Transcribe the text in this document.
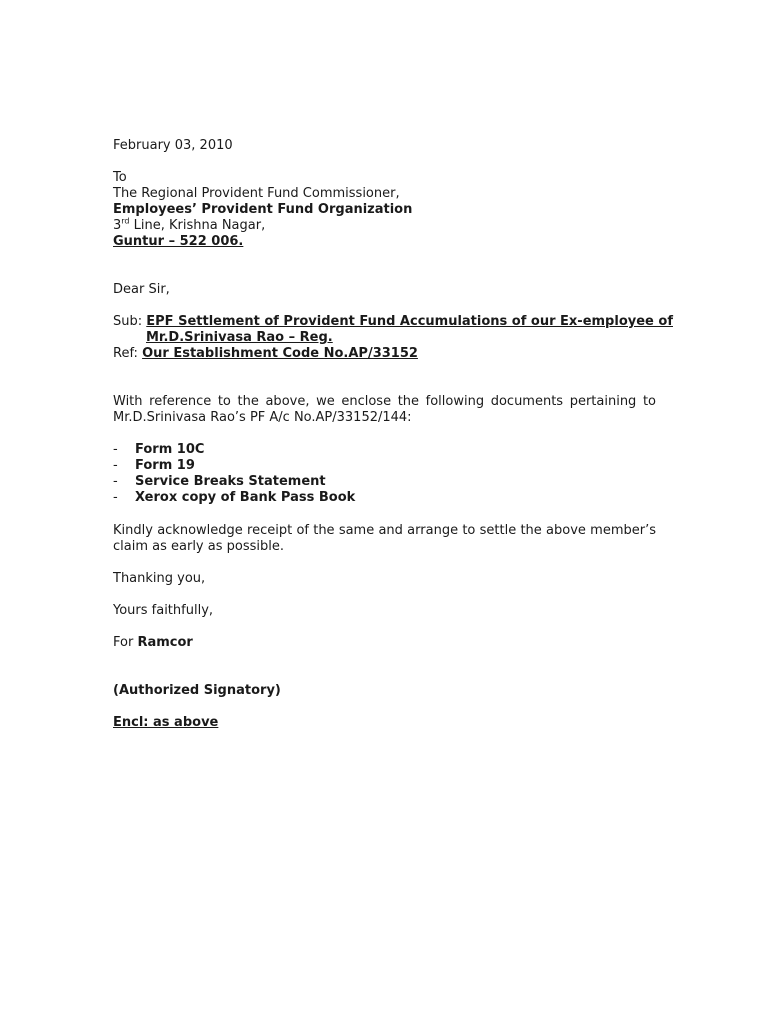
February 03, 2010
To
The Regional Provident Fund Commissioner,
Employees’ Provident Fund Organization
3rd Line, Krishna Nagar,
Guntur – 522 006.
Dear Sir,
Sub: EPF Settlement of Provident Fund Accumulations of our Ex-employee of
Mr.D.Srinivasa Rao – Reg.
Ref: Our Establishment Code No.AP/33152
With reference to the above, we enclose the following documents pertaining to
Mr.D.Srinivasa Rao’s PF A/c No.AP/33152/144:
- Form 10C
- Form 19
- Service Breaks Statement
- Xerox copy of Bank Pass Book
Kindly acknowledge receipt of the same and arrange to settle the above member’s
claim as early as possible.
Thanking you,
Yours faithfully,
For Ramcor
(Authorized Signatory)
Encl: as above
